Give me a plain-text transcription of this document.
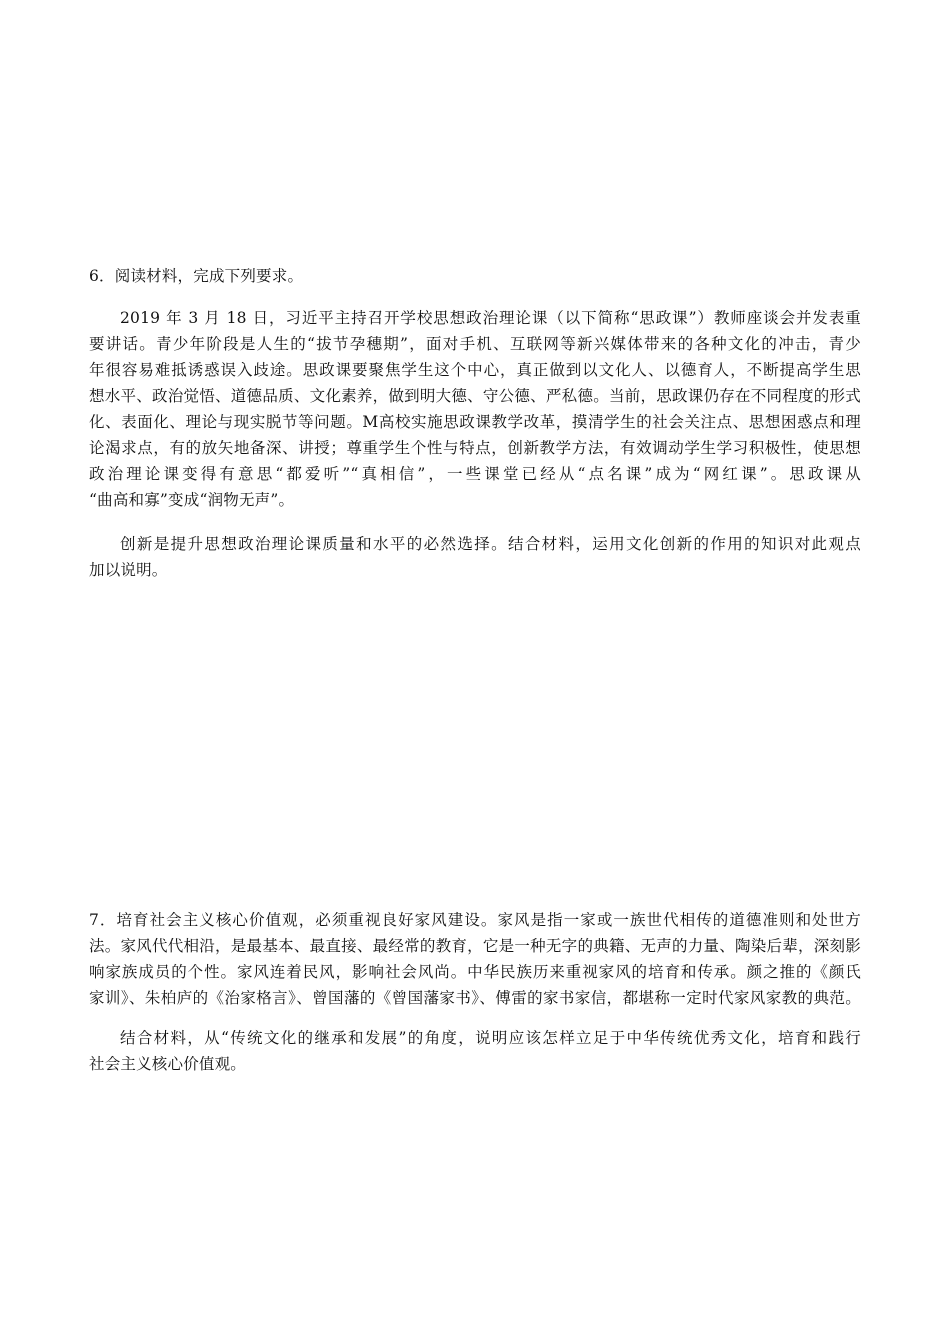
6．阅读材料，完成下列要求。
2019 年 3 月 18 日，习近平主持召开学校思想政治理论课（以下简称“思政课”）教师座谈会并发表重
要讲话。青少年阶段是人生的“拔节孕穗期”，面对手机、互联网等新兴媒体带来的各种文化的冲击，青少
年很容易难抵诱惑误入歧途。思政课要聚焦学生这个中心，真正做到以文化人、以德育人，不断提高学生思
想水平、政治觉悟、道德品质、文化素养，做到明大德、守公德、严私德。当前，思政课仍存在不同程度的形式
化、表面化、理论与现实脱节等问题。M高校实施思政课教学改革，摸清学生的社会关注点、思想困惑点和理
论渴求点，有的放矢地备深、讲授；尊重学生个性与特点，创新教学方法，有效调动学生学习积极性，使思想
政治理论课变得有意思“都爱听”“真相信”，一些课堂已经从“点名课”成为“网红课”。思政课从
“曲高和寡”变成“润物无声”。
创新是提升思想政治理论课质量和水平的必然选择。结合材料，运用文化创新的作用的知识对此观点
加以说明。
7．培育社会主义核心价值观，必须重视良好家风建设。家风是指一家或一族世代相传的道德准则和处世方
法。家风代代相沿，是最基本、最直接、最经常的教育，它是一种无字的典籍、无声的力量、陶染后辈，深刻影
响家族成员的个性。家风连着民风，影响社会风尚。中华民族历来重视家风的培育和传承。颜之推的《颜氏
家训》、朱柏庐的《治家格言》、曾国藩的《曾国藩家书》、傅雷的家书家信，都堪称一定时代家风家教的典范。
结合材料，从“传统文化的继承和发展”的角度，说明应该怎样立足于中华传统优秀文化，培育和践行
社会主义核心价值观。
